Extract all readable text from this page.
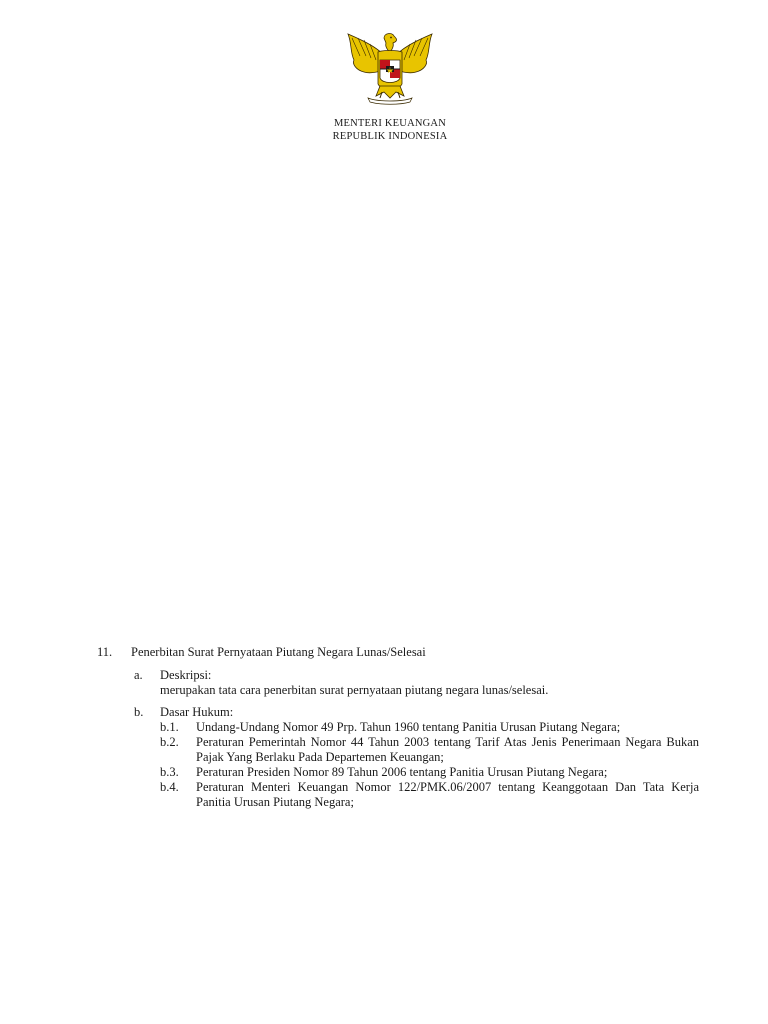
MENTERI KEUANGAN
REPUBLIK INDONESIA
11.	Penerbitan Surat Pernyataan Piutang Negara Lunas/Selesai
a.	Deskripsi:
merupakan tata cara penerbitan surat pernyataan piutang negara lunas/selesai.
b.	Dasar Hukum:
b.1.	Undang-Undang Nomor 49 Prp. Tahun 1960 tentang Panitia Urusan Piutang Negara;
b.2.	Peraturan Pemerintah Nomor 44 Tahun 2003 tentang Tarif Atas Jenis Penerimaan Negara Bukan Pajak Yang Berlaku Pada Departemen Keuangan;
b.3.	Peraturan Presiden Nomor 89 Tahun 2006 tentang Panitia Urusan Piutang Negara;
b.4.	Peraturan Menteri Keuangan Nomor 122/PMK.06/2007 tentang Keanggotaan Dan Tata Kerja Panitia Urusan Piutang Negara;
